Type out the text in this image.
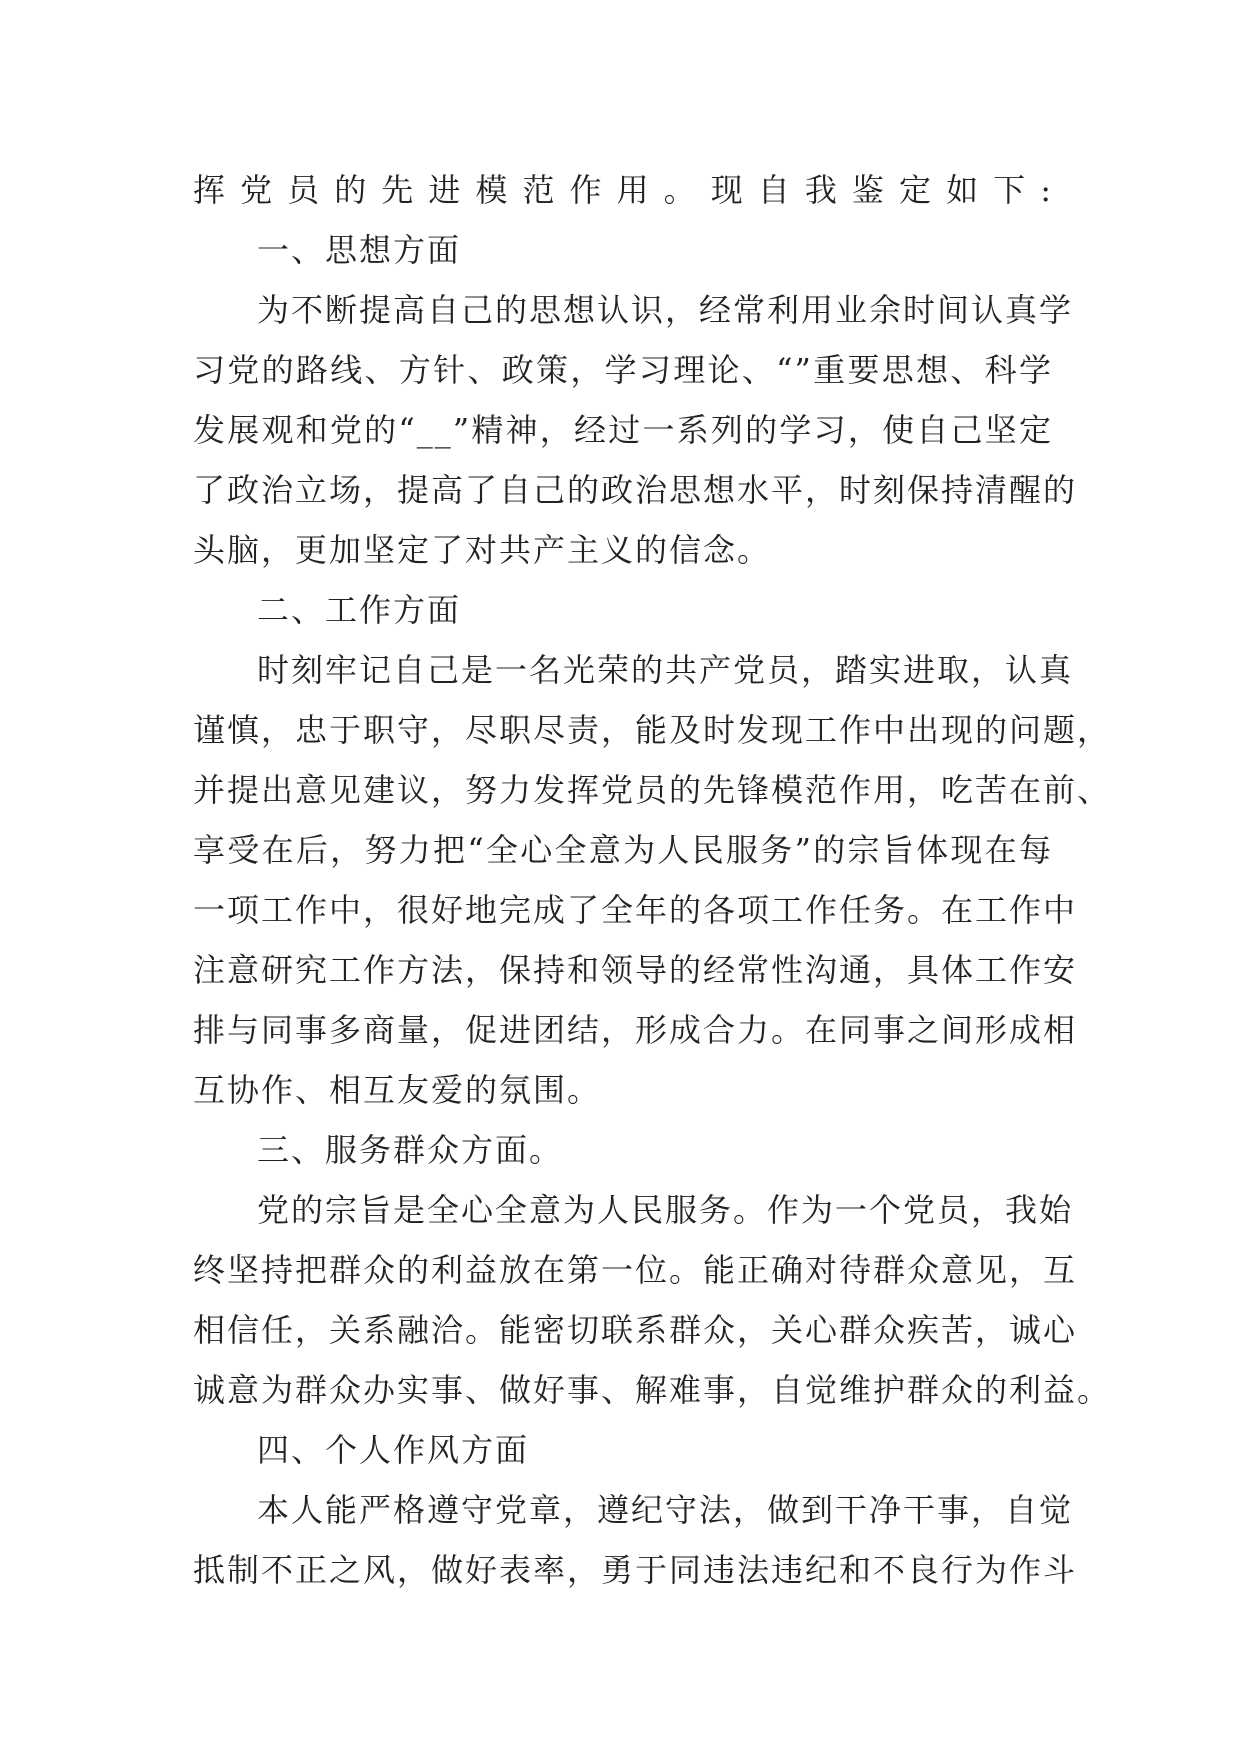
挥党员的先进模范作用。现自我鉴定如下:
一、思想方面
为不断提高自己的思想认识，经常利用业余时间认真学
习党的路线、方针、政策，学习理论、“”重要思想、科学
发展观和党的“__”精神，经过一系列的学习，使自己坚定
了政治立场，提高了自己的政治思想水平，时刻保持清醒的
头脑，更加坚定了对共产主义的信念。
二、工作方面
时刻牢记自己是一名光荣的共产党员，踏实进取，认真
谨慎，忠于职守，尽职尽责，能及时发现工作中出现的问题，
并提出意见建议，努力发挥党员的先锋模范作用，吃苦在前、
享受在后，努力把“全心全意为人民服务”的宗旨体现在每
一项工作中，很好地完成了全年的各项工作任务。在工作中
注意研究工作方法，保持和领导的经常性沟通，具体工作安
排与同事多商量，促进团结，形成合力。在同事之间形成相
互协作、相互友爱的氛围。
三、服务群众方面。
党的宗旨是全心全意为人民服务。作为一个党员，我始
终坚持把群众的利益放在第一位。能正确对待群众意见，互
相信任，关系融洽。能密切联系群众，关心群众疾苦，诚心
诚意为群众办实事、做好事、解难事，自觉维护群众的利益。
四、个人作风方面
本人能严格遵守党章，遵纪守法，做到干净干事，自觉
抵制不正之风，做好表率，勇于同违法违纪和不良行为作斗
